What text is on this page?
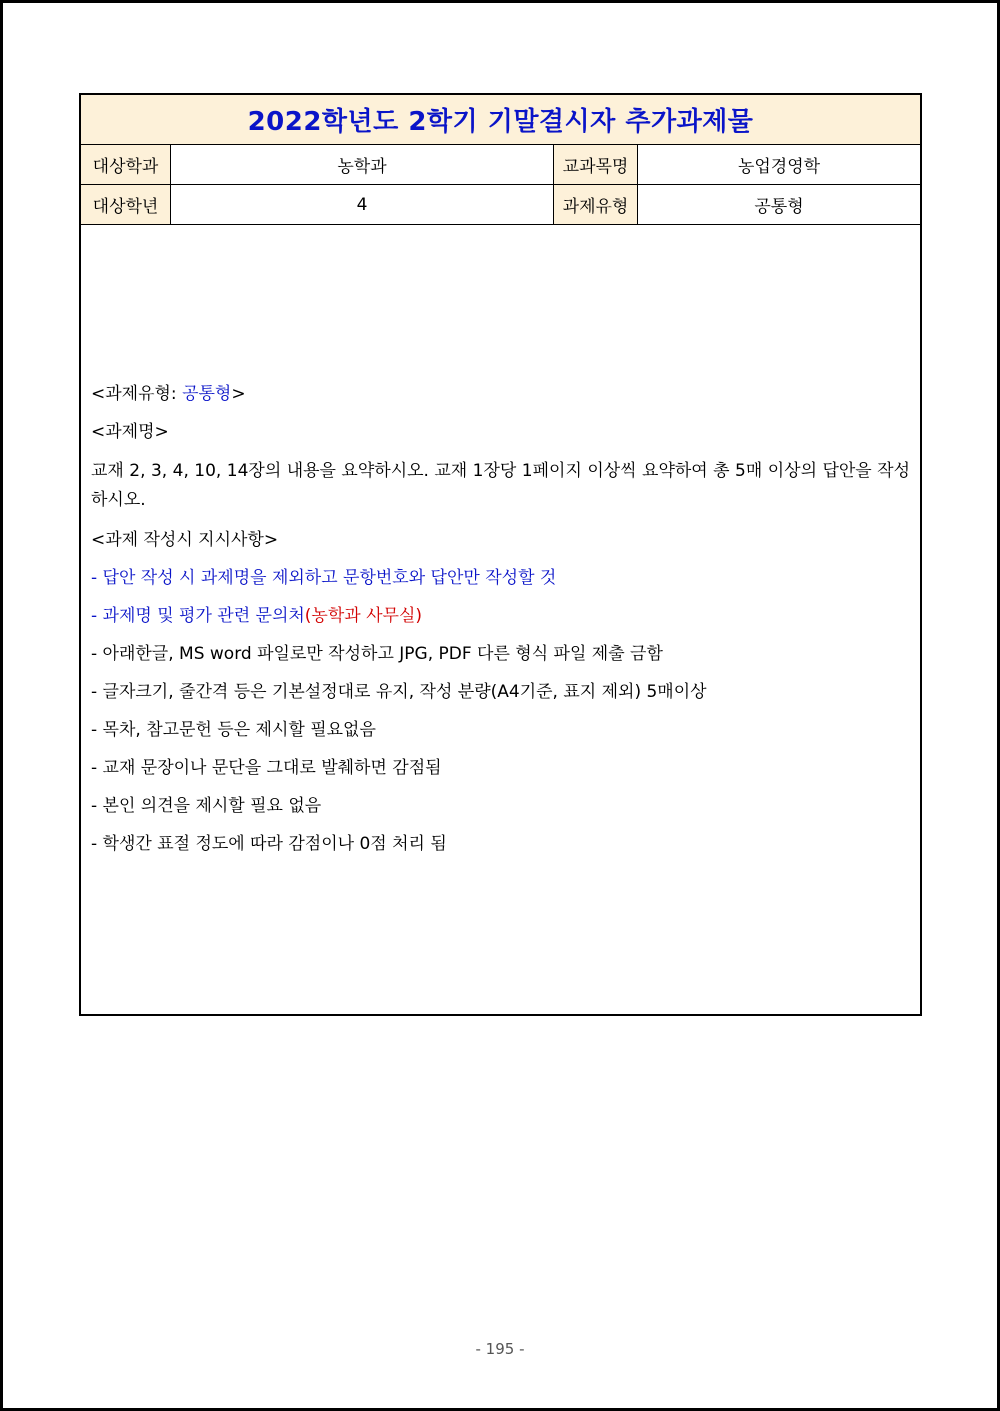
2022학년도 2학기 기말결시자 추가과제물
대상학과	농학과	교과목명	농업경영학
대상학년	4	과제유형	공통형
<과제유형: 공통형>
<과제명>
교재 2, 3, 4, 10, 14장의 내용을 요약하시오. 교재 1장당 1페이지 이상씩 요약하여 총 5매 이상의 답안을 작성하시오.
<과제 작성시 지시사항>
- 답안 작성 시 과제명을 제외하고 문항번호와 답안만 작성할 것
- 과제명 및 평가 관련 문의처(농학과 사무실)
- 아래한글, MS word 파일로만 작성하고 JPG, PDF 다른 형식 파일 제출 금함
- 글자크기, 줄간격 등은 기본설정대로 유지, 작성 분량(A4기준, 표지 제외) 5매이상
- 목차, 참고문헌 등은 제시할 필요없음
- 교재 문장이나 문단을 그대로 발췌하면 감점됨
- 본인 의견을 제시할 필요 없음
- 학생간 표절 정도에 따라 감점이나 0점 처리 됨
- 195 -
